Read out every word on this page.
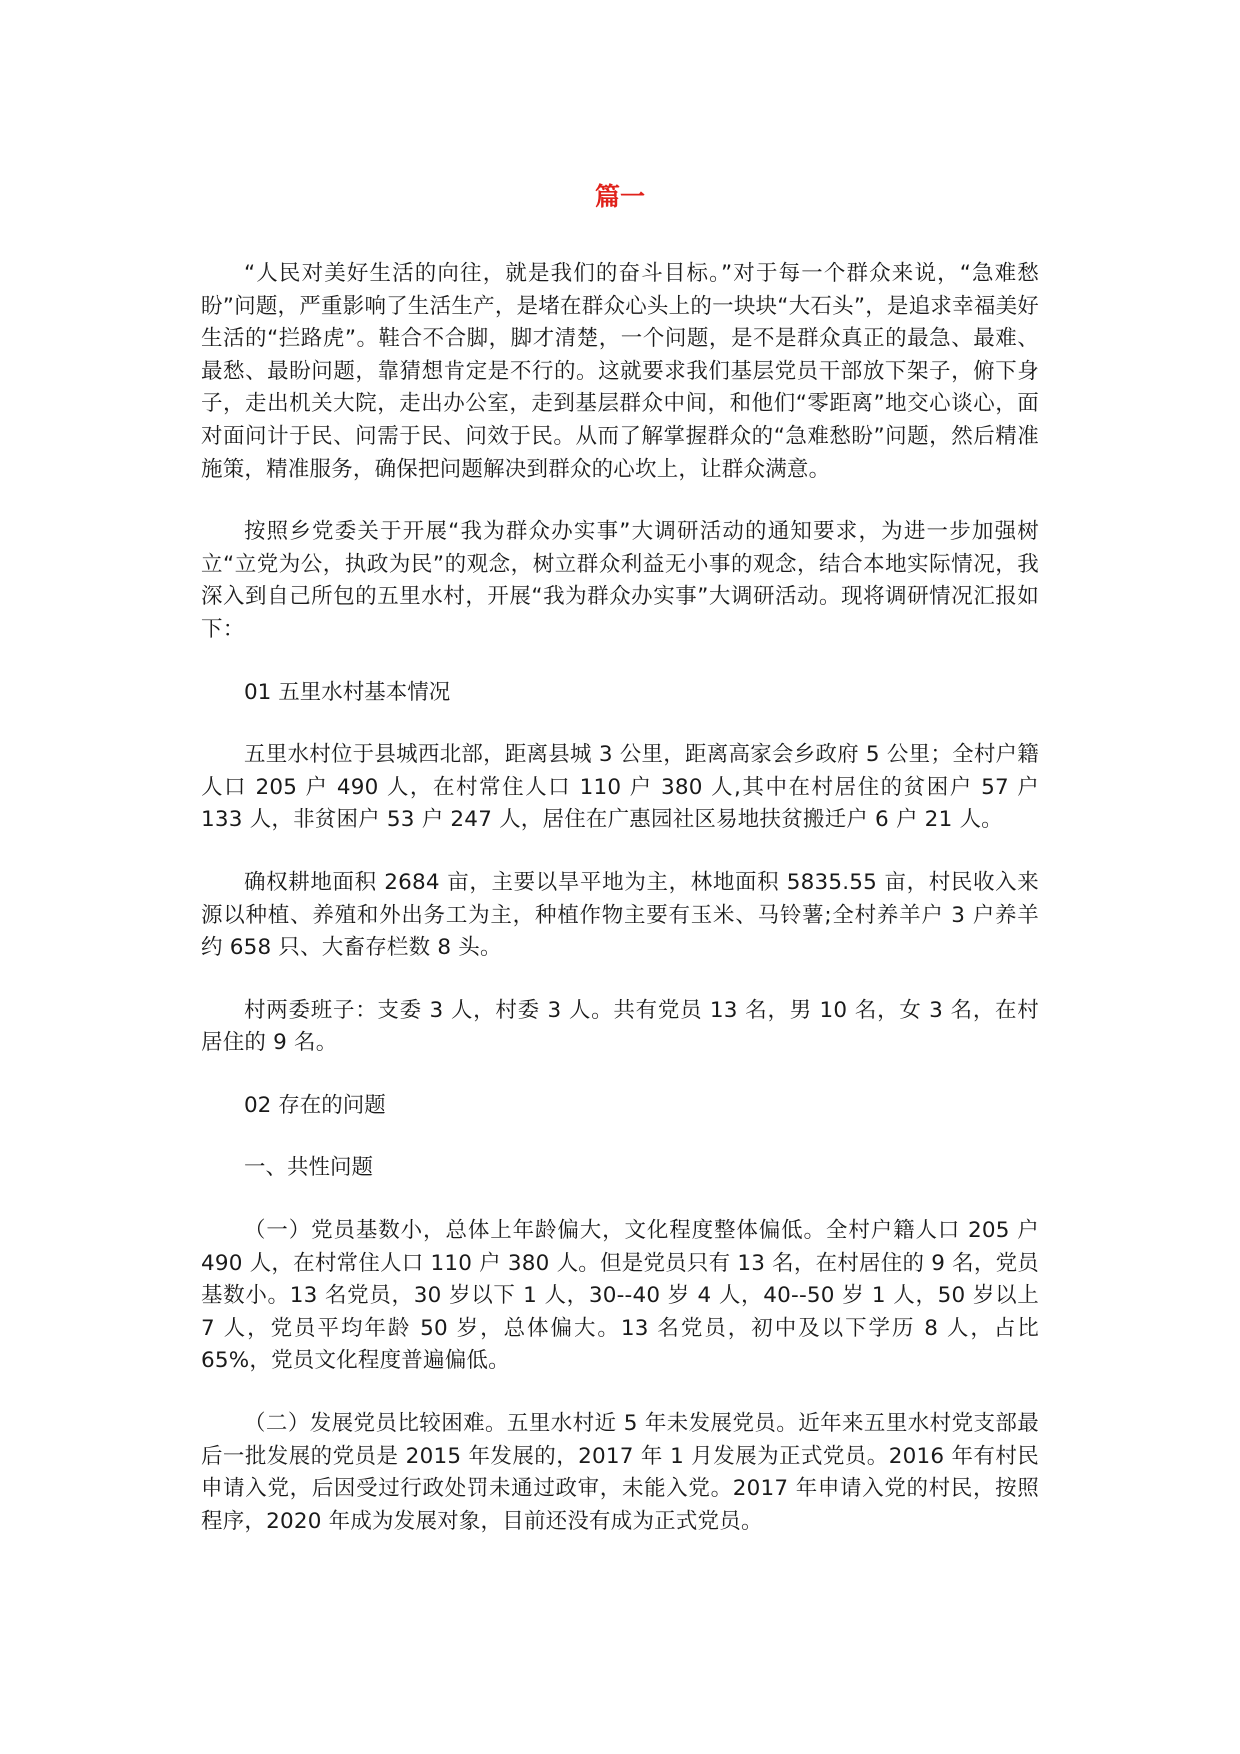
篇一

“人民对美好生活的向往，就是我们的奋斗目标。”对于每一个群众来说，“急难愁盼”问题，严重影响了生活生产，是堵在群众心头上的一块块“大石头”，是追求幸福美好生活的“拦路虎”。鞋合不合脚，脚才清楚，一个问题，是不是群众真正的最急、最难、最愁、最盼问题，靠猜想肯定是不行的。这就要求我们基层党员干部放下架子，俯下身子，走出机关大院，走出办公室，走到基层群众中间，和他们“零距离”地交心谈心，面对面问计于民、问需于民、问效于民。从而了解掌握群众的“急难愁盼”问题，然后精准施策，精准服务，确保把问题解决到群众的心坎上，让群众满意。

按照乡党委关于开展“我为群众办实事”大调研活动的通知要求，为进一步加强树立“立党为公，执政为民”的观念，树立群众利益无小事的观念，结合本地实际情况，我深入到自己所包的五里水村，开展“我为群众办实事”大调研活动。现将调研情况汇报如下：

01 五里水村基本情况

五里水村位于县城西北部，距离县城 3 公里，距离高家会乡政府 5 公里；全村户籍人口 205 户 490 人，在村常住人口 110 户 380 人,其中在村居住的贫困户 57 户 133 人，非贫困户 53 户 247 人，居住在广惠园社区易地扶贫搬迁户 6 户 21 人。

确权耕地面积 2684 亩，主要以旱平地为主，林地面积 5835.55 亩，村民收入来源以种植、养殖和外出务工为主，种植作物主要有玉米、马铃薯;全村养羊户 3 户养羊约 658 只、大畜存栏数 8 头。

村两委班子：支委 3 人，村委 3 人。共有党员 13 名，男 10 名，女 3 名，在村居住的 9 名。

02 存在的问题

一、共性问题

（一）党员基数小，总体上年龄偏大，文化程度整体偏低。全村户籍人口 205 户 490 人，在村常住人口 110 户 380 人。但是党员只有 13 名，在村居住的 9 名，党员基数小。13 名党员，30 岁以下 1 人，30--40 岁 4 人，40--50 岁 1 人，50 岁以上 7 人，党员平均年龄 50 岁，总体偏大。13 名党员，初中及以下学历 8 人，占比 65%，党员文化程度普遍偏低。

（二）发展党员比较困难。五里水村近 5 年未发展党员。近年来五里水村党支部最后一批发展的党员是 2015 年发展的，2017 年 1 月发展为正式党员。2016 年有村民申请入党，后因受过行政处罚未通过政审，未能入党。2017 年申请入党的村民，按照程序，2020 年成为发展对象，目前还没有成为正式党员。
